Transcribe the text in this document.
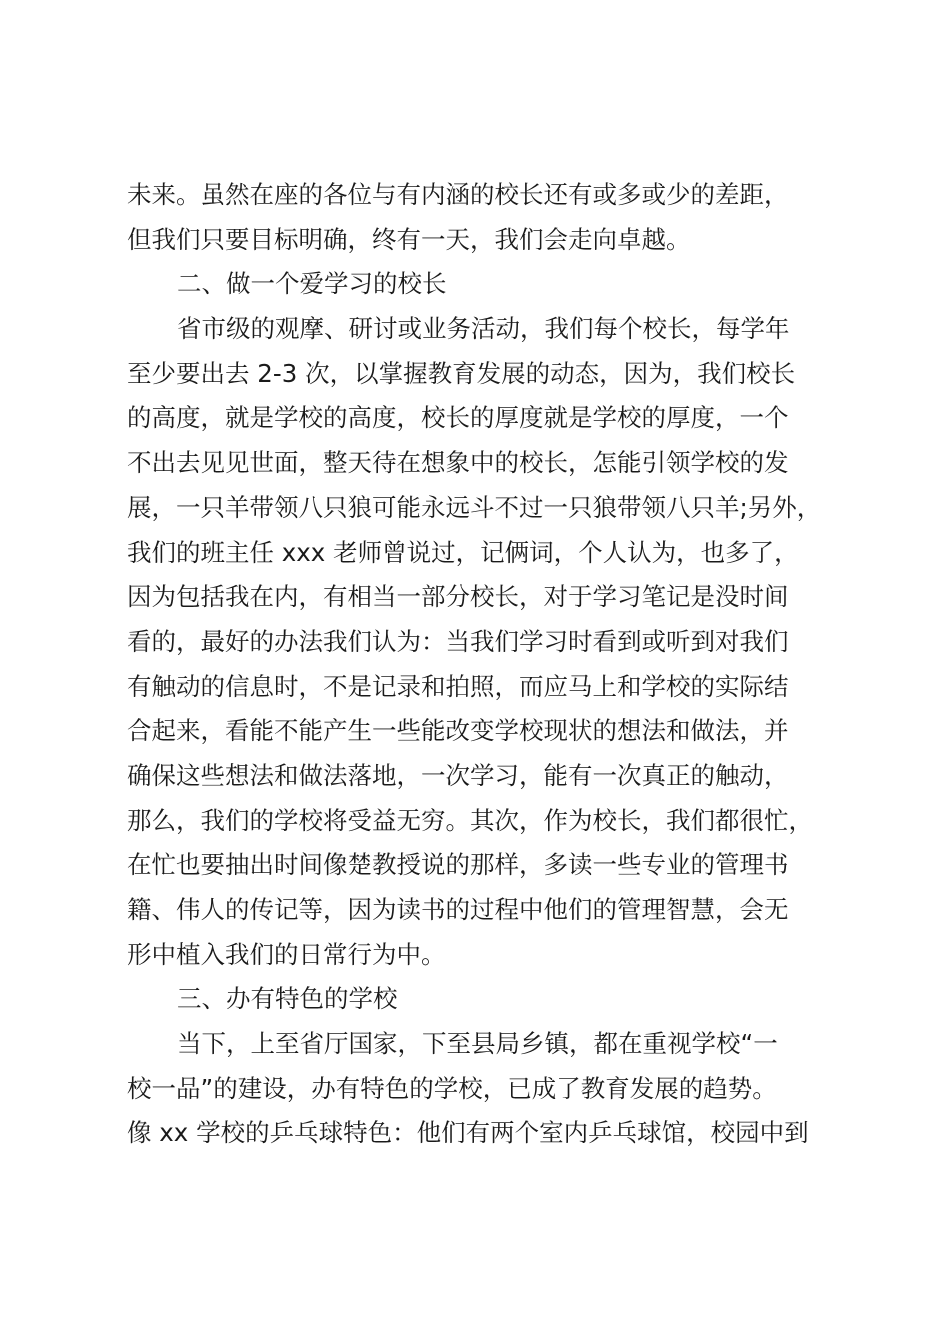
未来。虽然在座的各位与有内涵的校长还有或多或少的差距，
但我们只要目标明确，终有一天，我们会走向卓越。
二、做一个爱学习的校长
省市级的观摩、研讨或业务活动，我们每个校长，每学年
至少要出去 2-3 次，以掌握教育发展的动态，因为，我们校长
的高度，就是学校的高度，校长的厚度就是学校的厚度，一个
不出去见见世面，整天待在想象中的校长，怎能引领学校的发
展，一只羊带领八只狼可能永远斗不过一只狼带领八只羊;另外，
我们的班主任 xxx 老师曾说过，记俩词，个人认为，也多了，
因为包括我在内，有相当一部分校长，对于学习笔记是没时间
看的，最好的办法我们认为：当我们学习时看到或听到对我们
有触动的信息时，不是记录和拍照，而应马上和学校的实际结
合起来，看能不能产生一些能改变学校现状的想法和做法，并
确保这些想法和做法落地，一次学习，能有一次真正的触动，
那么，我们的学校将受益无穷。其次，作为校长，我们都很忙，
在忙也要抽出时间像楚教授说的那样，多读一些专业的管理书
籍、伟人的传记等，因为读书的过程中他们的管理智慧，会无
形中植入我们的日常行为中。
三、办有特色的学校
当下，上至省厅国家，下至县局乡镇，都在重视学校“一
校一品”的建设，办有特色的学校，已成了教育发展的趋势。
像 xx 学校的乒乓球特色：他们有两个室内乒乓球馆，校园中到
